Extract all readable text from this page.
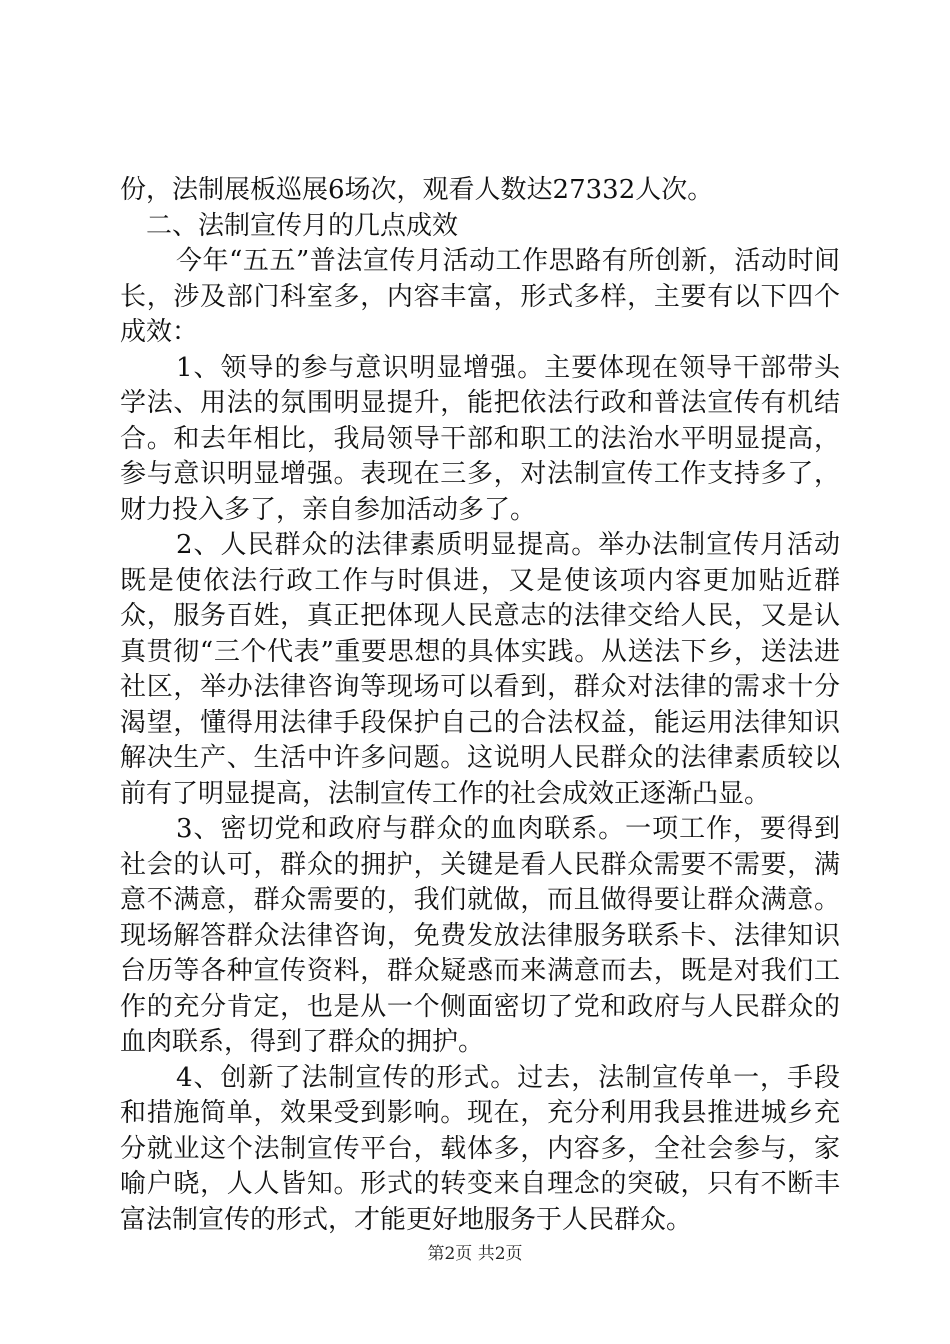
份，法制展板巡展6场次，观看人数达27332人次。

二、法制宣传月的几点成效

今年“五五”普法宣传月活动工作思路有所创新，活动时间长，涉及部门科室多，内容丰富，形式多样，主要有以下四个成效：

1、领导的参与意识明显增强。主要体现在领导干部带头学法、用法的氛围明显提升，能把依法行政和普法宣传有机结合。和去年相比，我局领导干部和职工的法治水平明显提高，参与意识明显增强。表现在三多，对法制宣传工作支持多了，财力投入多了，亲自参加活动多了。

2、人民群众的法律素质明显提高。举办法制宣传月活动既是使依法行政工作与时俱进，又是使该项内容更加贴近群众，服务百姓，真正把体现人民意志的法律交给人民，又是认真贯彻“三个代表”重要思想的具体实践。从送法下乡，送法进社区，举办法律咨询等现场可以看到，群众对法律的需求十分渴望，懂得用法律手段保护自己的合法权益，能运用法律知识解决生产、生活中许多问题。这说明人民群众的法律素质较以前有了明显提高，法制宣传工作的社会成效正逐渐凸显。

3、密切党和政府与群众的血肉联系。一项工作，要得到社会的认可，群众的拥护，关键是看人民群众需要不需要，满意不满意，群众需要的，我们就做，而且做得要让群众满意。现场解答群众法律咨询，免费发放法律服务联系卡、法律知识台历等各种宣传资料，群众疑惑而来满意而去，既是对我们工作的充分肯定，也是从一个侧面密切了党和政府与人民群众的血肉联系，得到了群众的拥护。

4、创新了法制宣传的形式。过去，法制宣传单一，手段和措施简单，效果受到影响。现在，充分利用我县推进城乡充分就业这个法制宣传平台，载体多，内容多，全社会参与，家喻户晓，人人皆知。形式的转变来自理念的突破，只有不断丰富法制宣传的形式，才能更好地服务于人民群众。

第2页 共2页
